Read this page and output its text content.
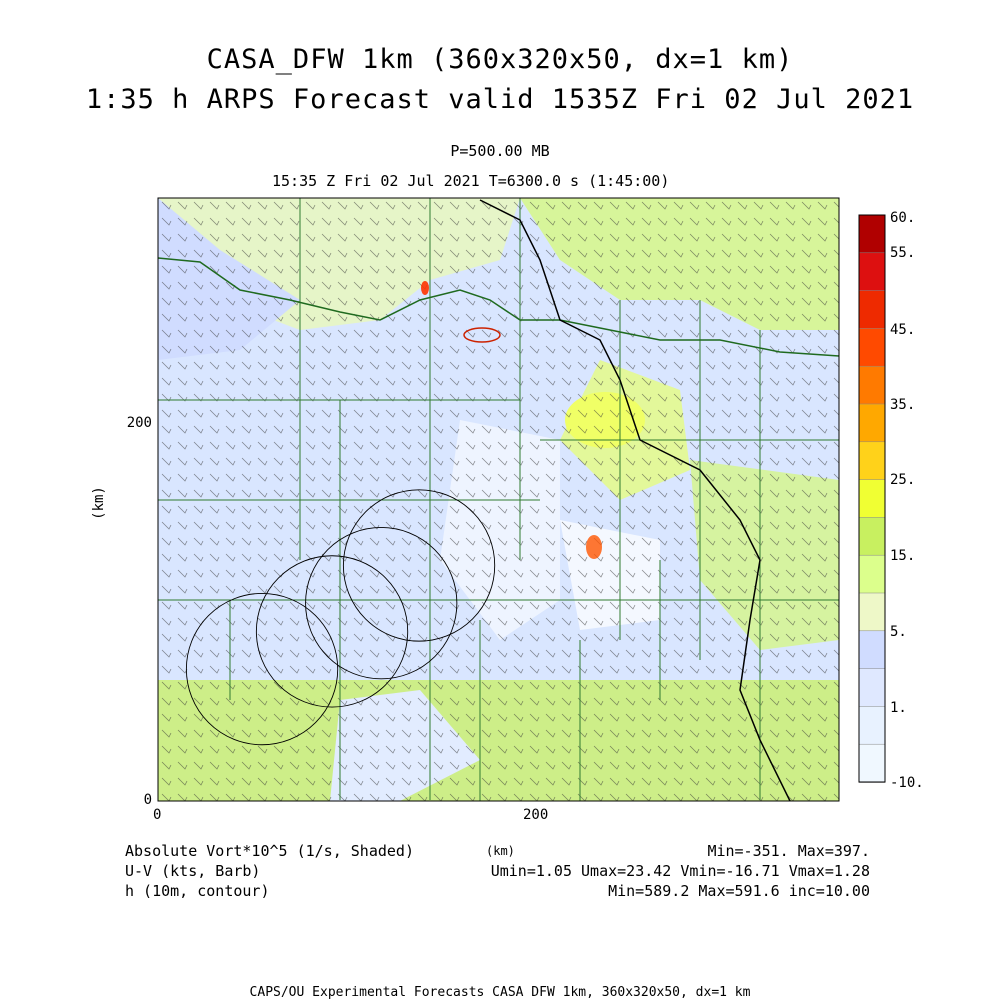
CASA_DFW 1km (360x320x50, dx=1 km)
1:35 h ARPS Forecast valid 1535Z Fri 02 Jul 2021
P=500.00 MB
15:35 Z Fri 02 Jul 2021 T=6300.0 s (1:45:00)
(km)
200
0
0	200
(km)
60.
55.
45.
35.
25.
15.
5.
1.
-10.
Absolute Vort*10^5 (1/s, Shaded)	Min=-351. Max=397.
U-V (kts, Barb)	Umin=1.05 Umax=23.42 Vmin=-16.71 Vmax=1.28
h (10m, contour)	Min=589.2 Max=591.6 inc=10.00
CAPS/OU Experimental Forecasts CASA DFW 1km, 360x320x50, dx=1 km
